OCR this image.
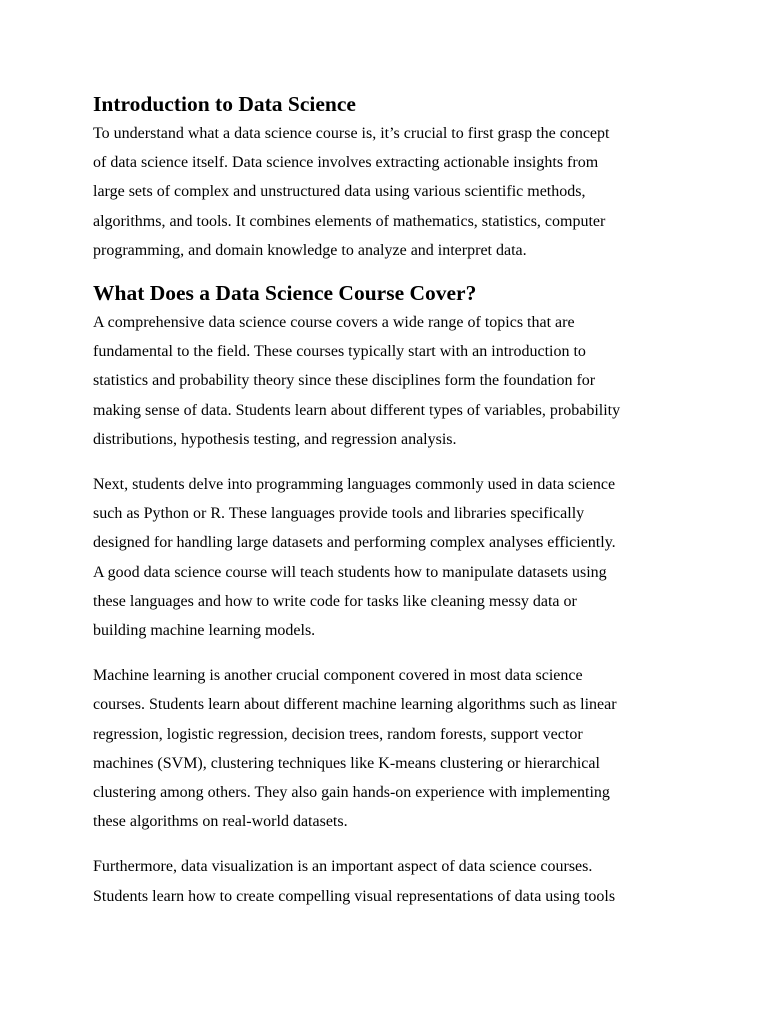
Introduction to Data Science

To understand what a data science course is, it’s crucial to first grasp the concept
of data science itself. Data science involves extracting actionable insights from
large sets of complex and unstructured data using various scientific methods,
algorithms, and tools. It combines elements of mathematics, statistics, computer
programming, and domain knowledge to analyze and interpret data.

What Does a Data Science Course Cover?

A comprehensive data science course covers a wide range of topics that are
fundamental to the field. These courses typically start with an introduction to
statistics and probability theory since these disciplines form the foundation for
making sense of data. Students learn about different types of variables, probability
distributions, hypothesis testing, and regression analysis.

Next, students delve into programming languages commonly used in data science
such as Python or R. These languages provide tools and libraries specifically
designed for handling large datasets and performing complex analyses efficiently.
A good data science course will teach students how to manipulate datasets using
these languages and how to write code for tasks like cleaning messy data or
building machine learning models.

Machine learning is another crucial component covered in most data science
courses. Students learn about different machine learning algorithms such as linear
regression, logistic regression, decision trees, random forests, support vector
machines (SVM), clustering techniques like K-means clustering or hierarchical
clustering among others. They also gain hands-on experience with implementing
these algorithms on real-world datasets.

Furthermore, data visualization is an important aspect of data science courses.
Students learn how to create compelling visual representations of data using tools
